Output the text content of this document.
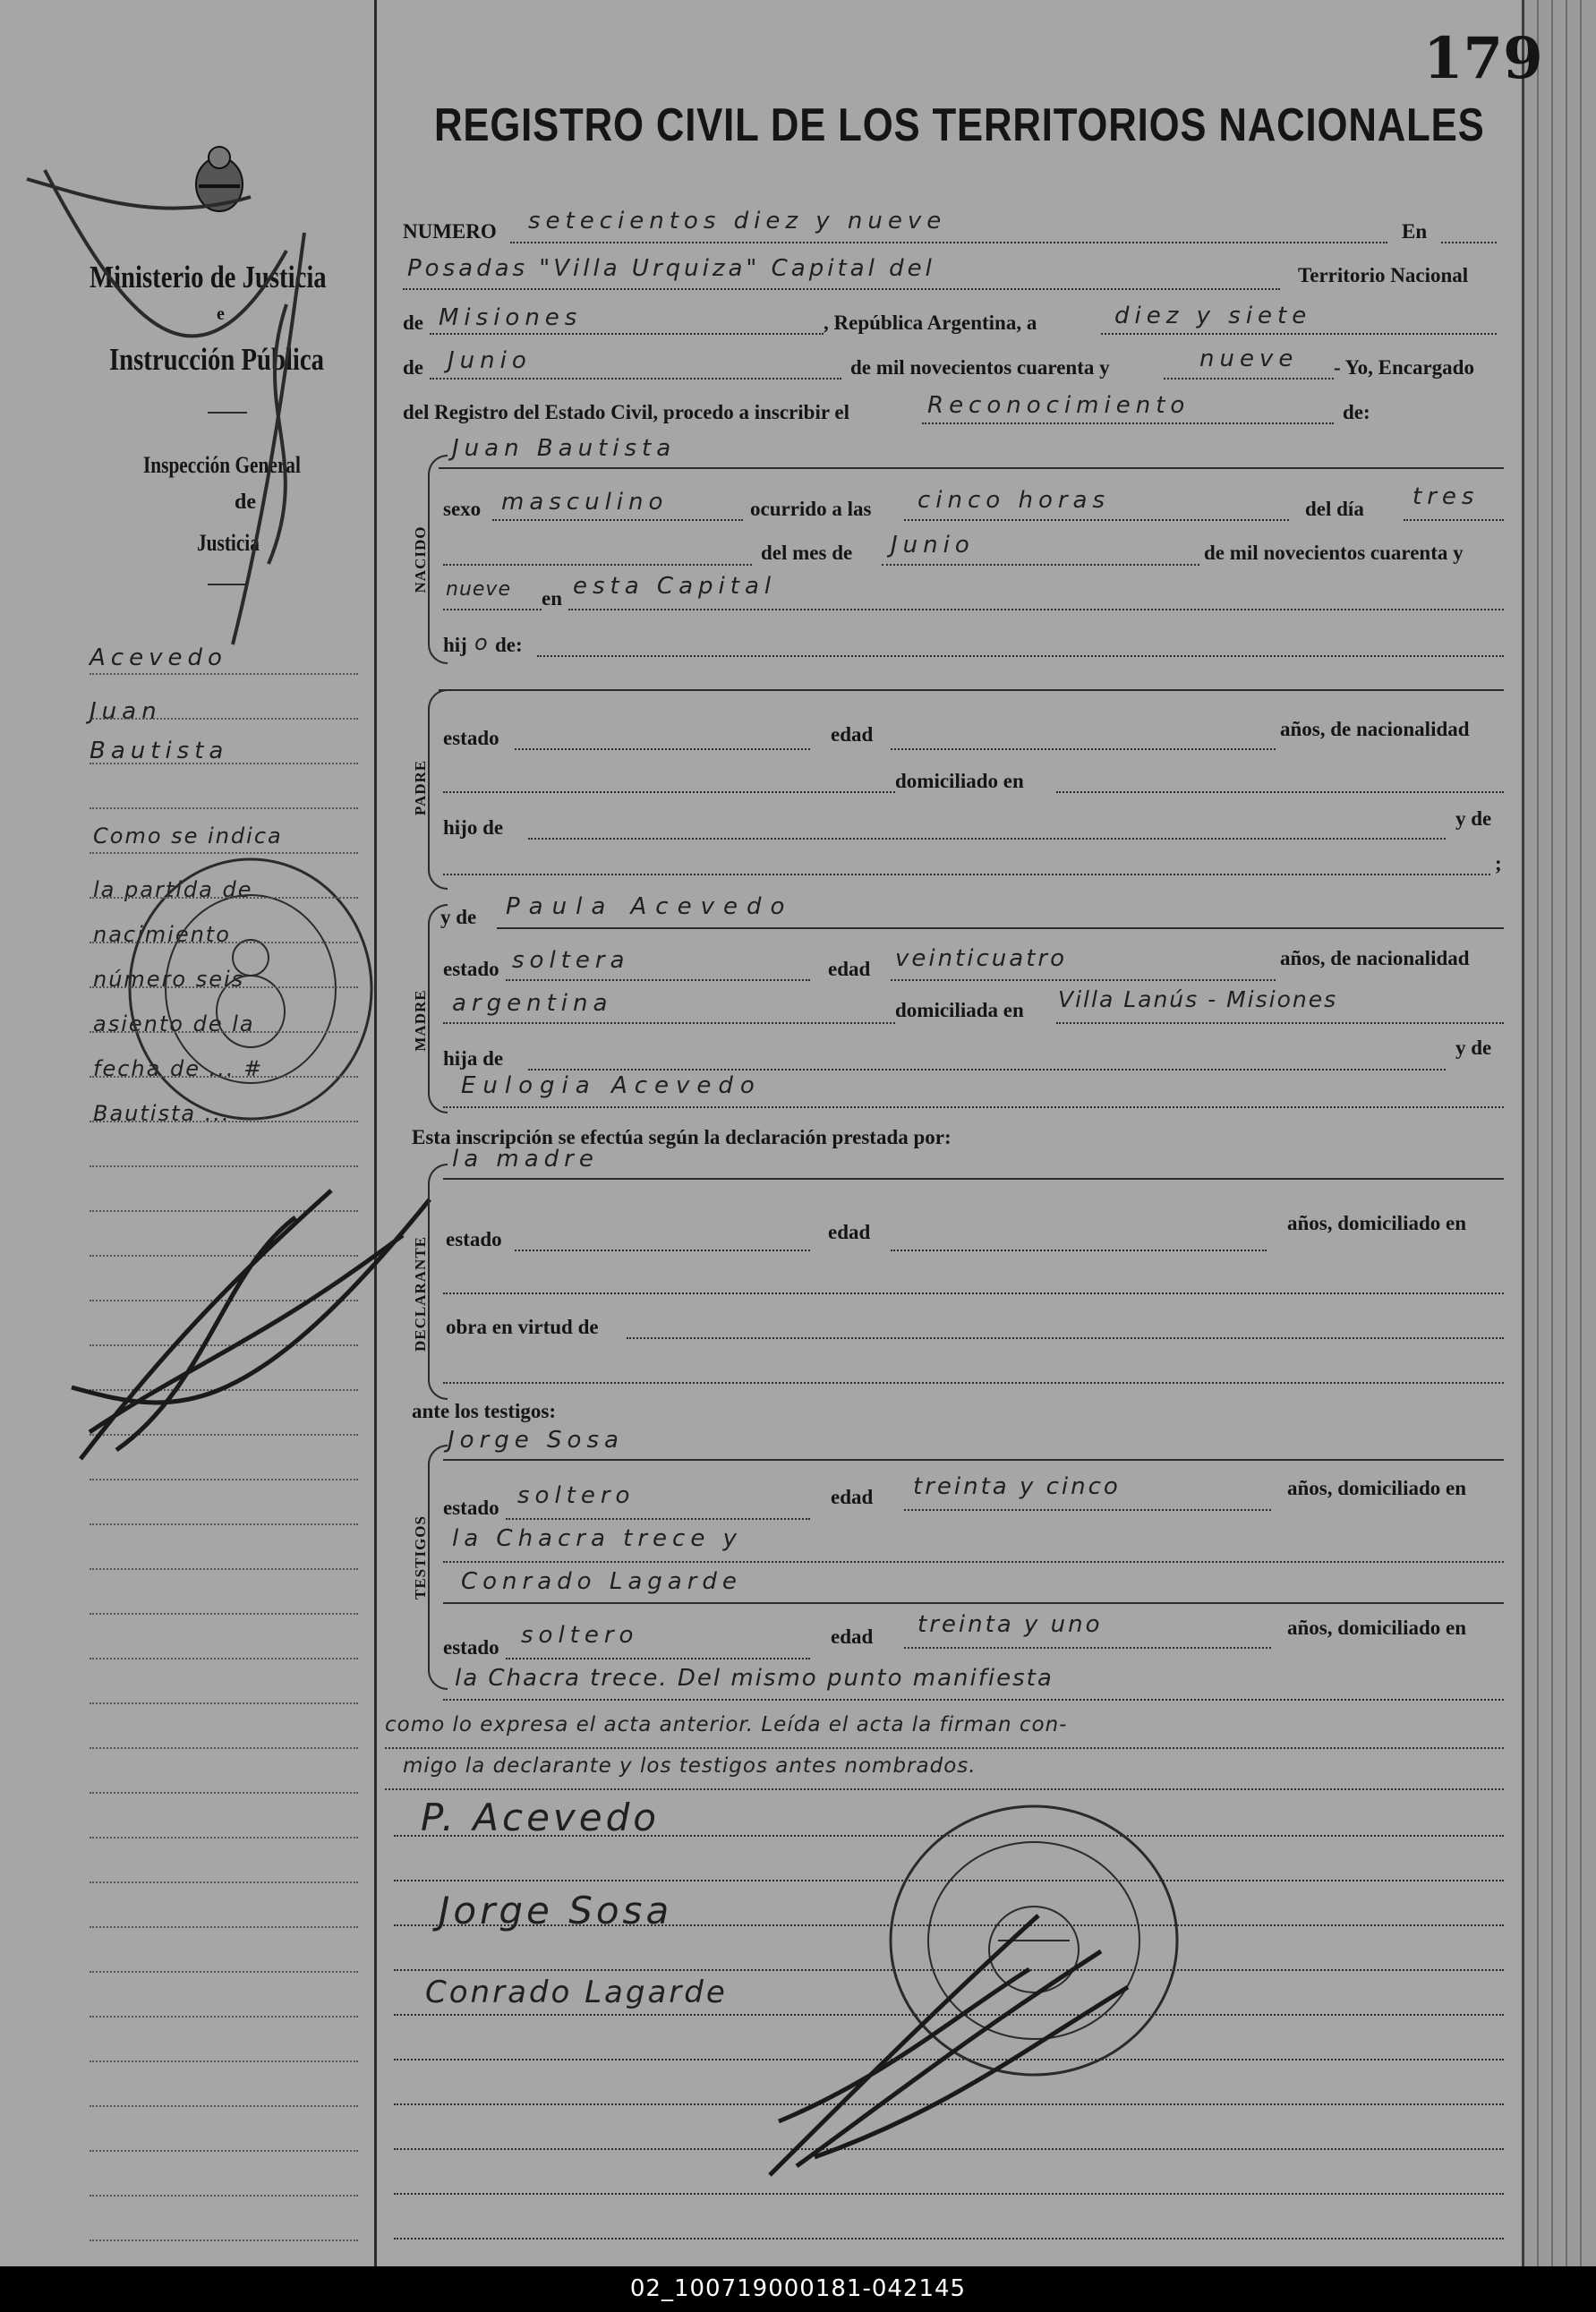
179
REGISTRO CIVIL DE LOS TERRITORIOS NACIONALES
Ministerio de Justicia
e
Instrucción Pública
Inspección General
de
Justicia
Acevedo
Juan
Bautista
Como se indica
la partida de
nacimiento
número seis
asiento de la
fecha de ... #
Bautista ...
NUMERO setecientos diez y nueve	En
Posadas "Villa Urquiza" Capital del	Territorio Nacional
de Misiones	, República Argentina, a	diez y siete
de Junio	de mil novecientos cuarenta y	nueve - Yo, Encargado
del Registro del Estado Civil, procedo a inscribir el	Reconocimiento	de:
NACIDO
Juan Bautista
sexo masculino	ocurrido a las cinco horas	del día tres
del mes de Junio	de mil novecientos cuarenta y
nueve en esta Capital
hij o de:
PADRE
estado	edad	años, de nacionalidad
domiciliado en
hijo de	y de
;
MADRE
y de Paula Acevedo
estado soltera	edad veinticuatro	años, de nacionalidad
argentina	domiciliada en Villa Lanús - Misiones
hija de	y de
Eulogia Acevedo
Esta inscripción se efectúa según la declaración prestada por:
DECLARANTE
la madre
estado	edad	años, domiciliado en
obra en virtud de
ante los testigos:
TESTIGOS
Jorge Sosa
estado soltero	edad treinta y cinco	años, domiciliado en
la Chacra trece y
Conrado Lagarde
estado soltero	edad treinta y uno	años, domiciliado en
la Chacra trece. Del mismo punto manifiesta
como lo expresa el acta anterior. Leída el acta la firman con-
migo la declarante y los testigos antes nombrados.
P. Acevedo
Jorge Sosa
Conrado Lagarde
02_100719000181-042145
